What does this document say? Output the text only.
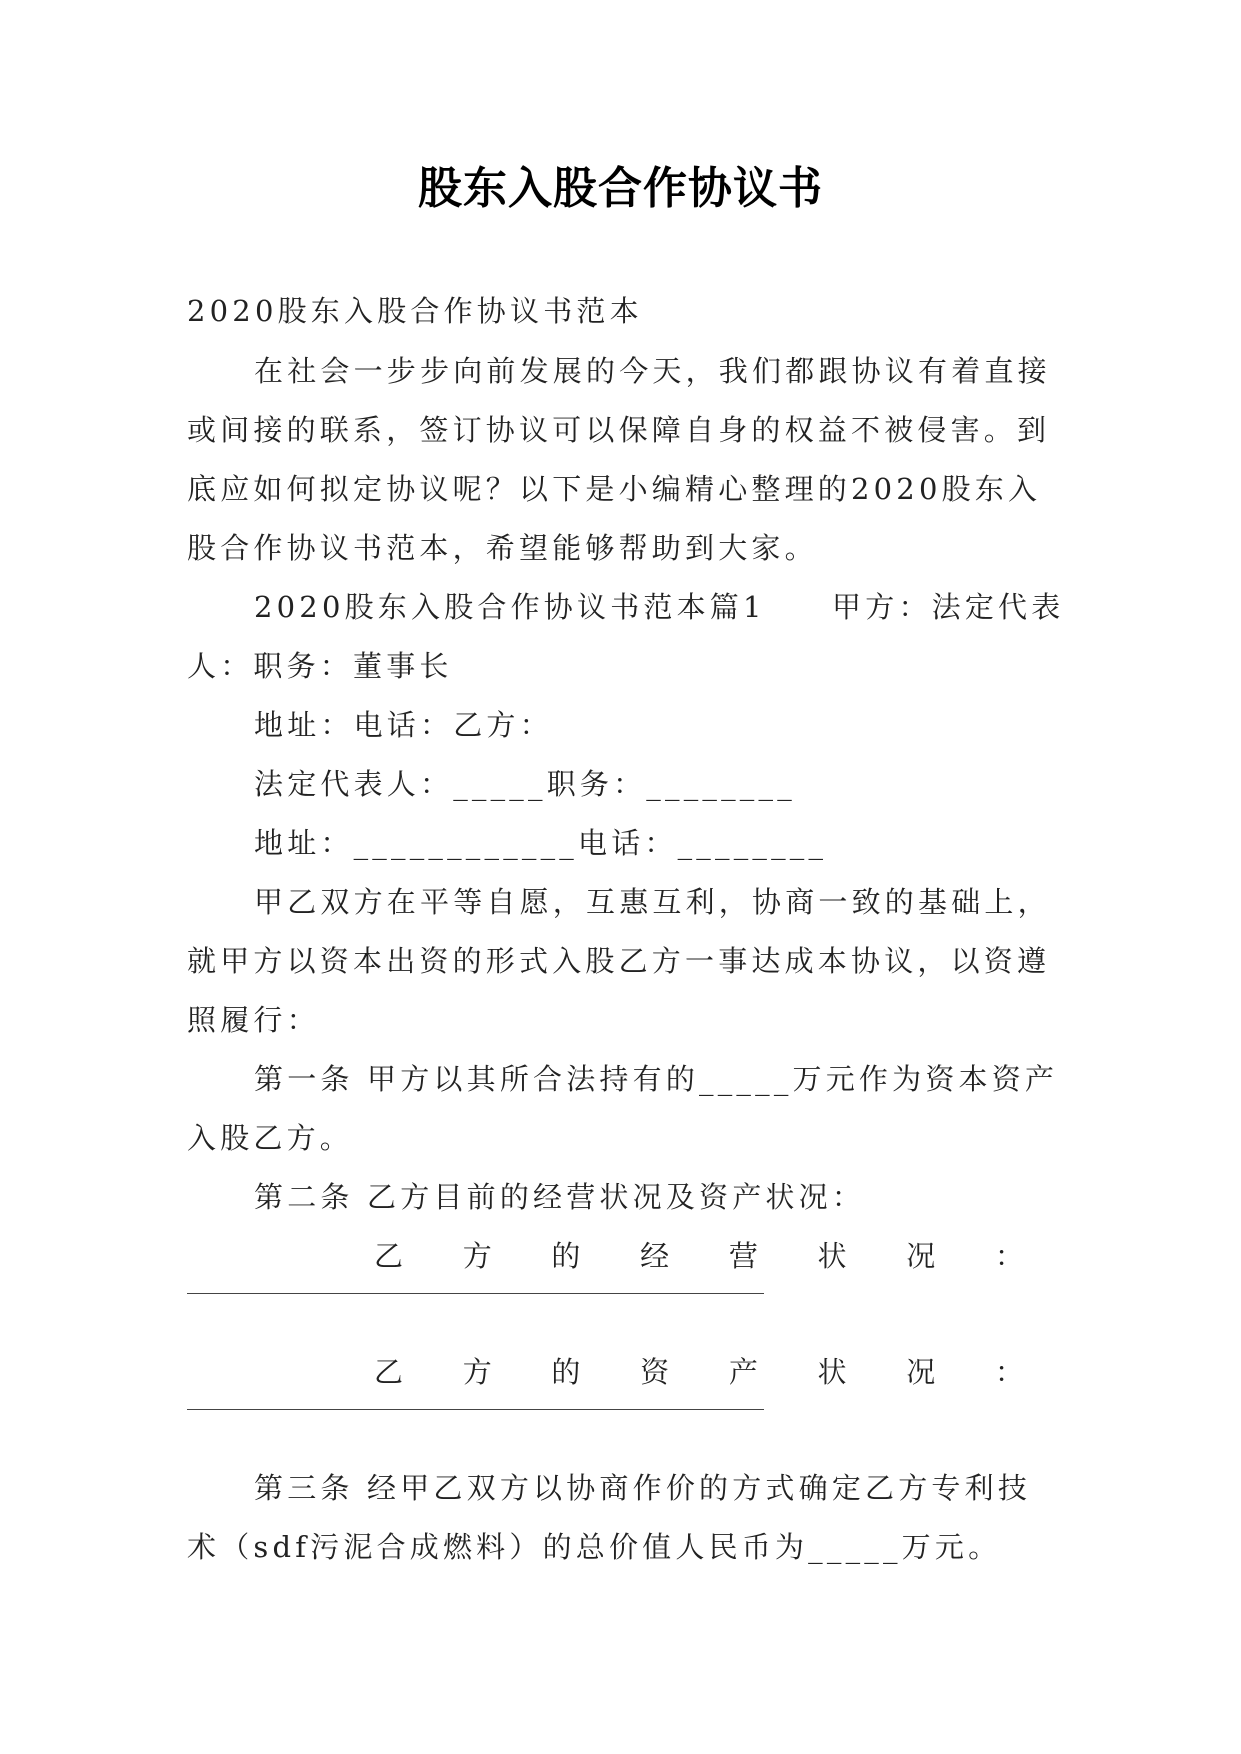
股东入股合作协议书
2020股东入股合作协议书范本
在社会一步步向前发展的今天，我们都跟协议有着直接
或间接的联系，签订协议可以保障自身的权益不被侵害。到
底应如何拟定协议呢？以下是小编精心整理的2020股东入
股合作协议书范本，希望能够帮助到大家。
2020股东入股合作协议书范本篇1　　甲方：法定代表
人：职务：董事长
地址：电话：乙方：
法定代表人：_____职务：________
地址：____________电话：________
甲乙双方在平等自愿，互惠互利，协商一致的基础上，
就甲方以资本出资的形式入股乙方一事达成本协议，以资遵
照履行：
第一条 甲方以其所合法持有的_____万元作为资本资产
入股乙方。
第二条 乙方目前的经营状况及资产状况：
乙 方 的 经 营 状 况 ：
乙 方 的 资 产 状 况 ：
第三条 经甲乙双方以协商作价的方式确定乙方专利技
术（sdf污泥合成燃料）的总价值人民币为_____万元。
